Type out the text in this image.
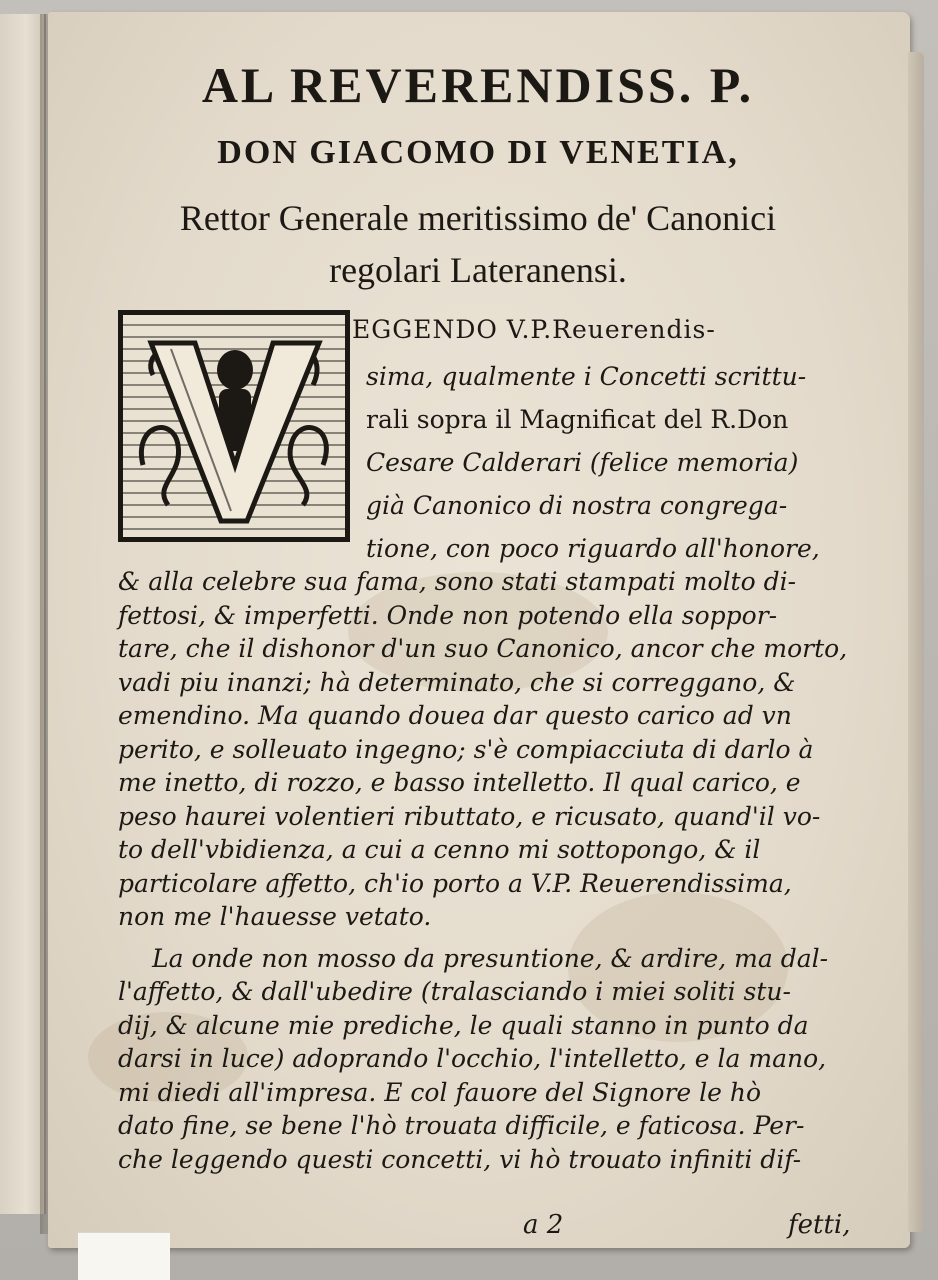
AL REVERENDISS. P.
DON GIACOMO DI VENETIA,
Rettor Generale meritissimo de' Canonici
regolari Lateranensi.
EGGENDO V.P.Reuerendis-
sima, qualmente i Concetti scrittu-
rali sopra il Magnificat del R.Don
Cesare Calderari (felice memoria)
già Canonico di nostra congrega-
tione, con poco riguardo all'honore,
& alla celebre sua fama, sono stati stampati molto di-
fettosi, & imperfetti. Onde non potendo ella soppor-
tare, che il dishonor d'un suo Canonico, ancor che morto,
vadi piu inanzi; hà determinato, che si correggano, &
emendino. Ma quando douea dar questo carico ad vn
perito, e solleuato ingegno; s'è compiacciuta di darlo à
me inetto, di rozzo, e basso intelletto. Il qual carico, e
peso haurei volentieri ributtato, e ricusato, quand'il vo-
to dell'vbidienza, a cui a cenno mi sottopongo, & il
particolare affetto, ch'io porto a V.P. Reuerendissima,
non me l'hauesse vetato.
La onde non mosso da presuntione, & ardire, ma dal-
l'affetto, & dall'ubedire (tralasciando i miei soliti stu-
dij, & alcune mie prediche, le quali stanno in punto da
darsi in luce) adoprando l'occhio, l'intelletto, e la mano,
mi diedi all'impresa. E col fauore del Signore le hò
dato fine, se bene l'hò trouata difficile, e faticosa. Per-
che leggendo questi concetti, vi hò trouato infiniti dif-
a 2	fetti,
